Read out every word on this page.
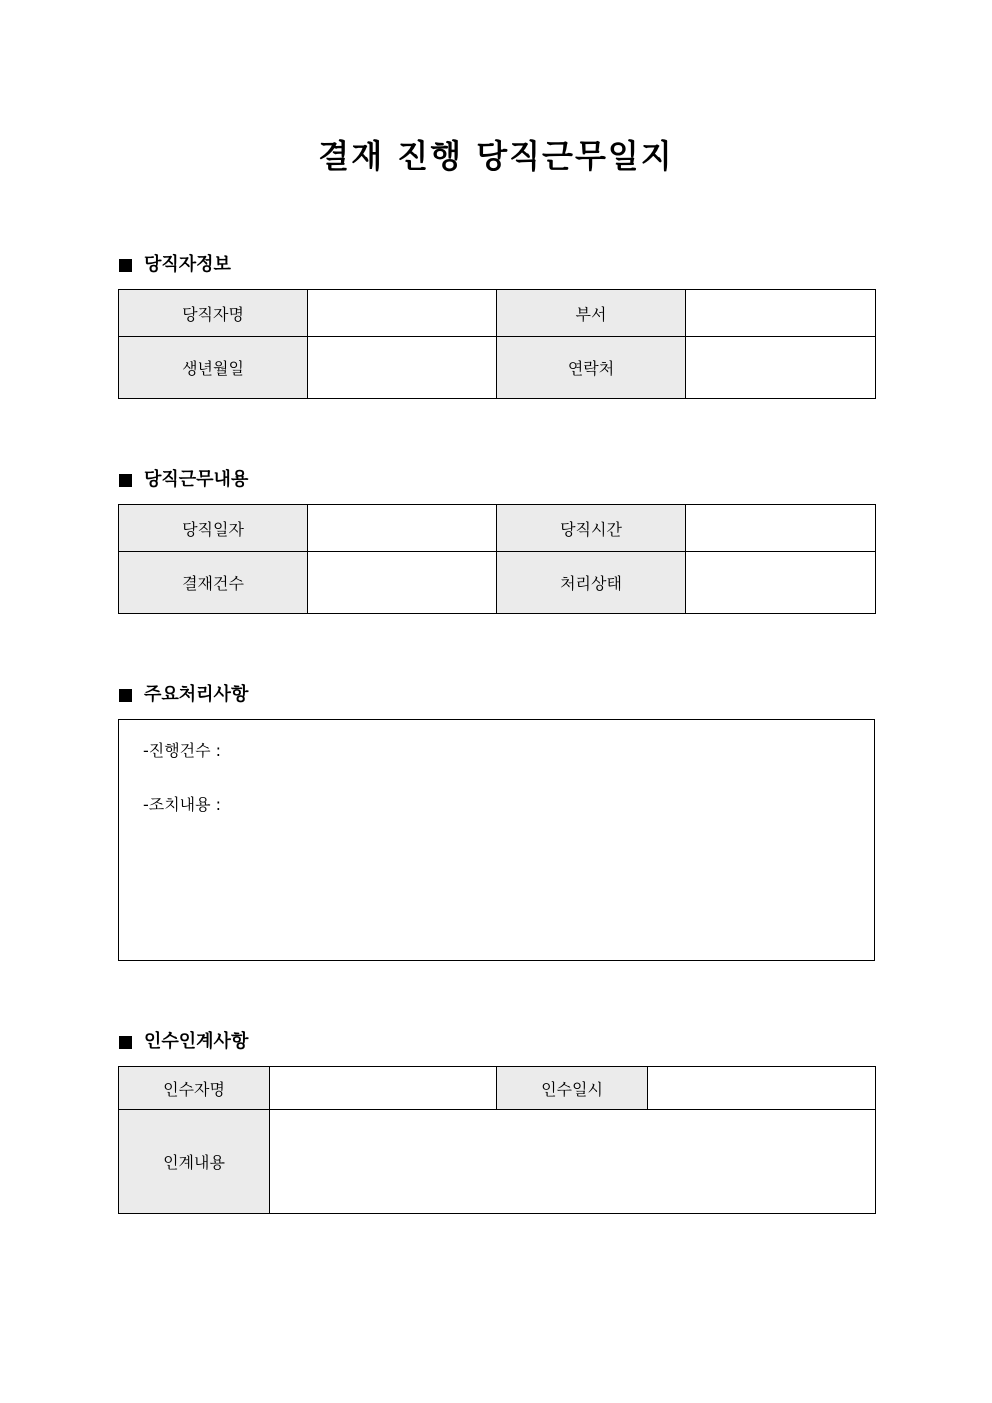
결재 진행 당직근무일지
당직자정보
당직자명		부서	
생년월일		연락처	
당직근무내용
당직일자		당직시간	
결재건수		처리상태	
주요처리사항
-진행건수 :
-조치내용 :
인수인계사항
인수자명		인수일시	
인계내용			
